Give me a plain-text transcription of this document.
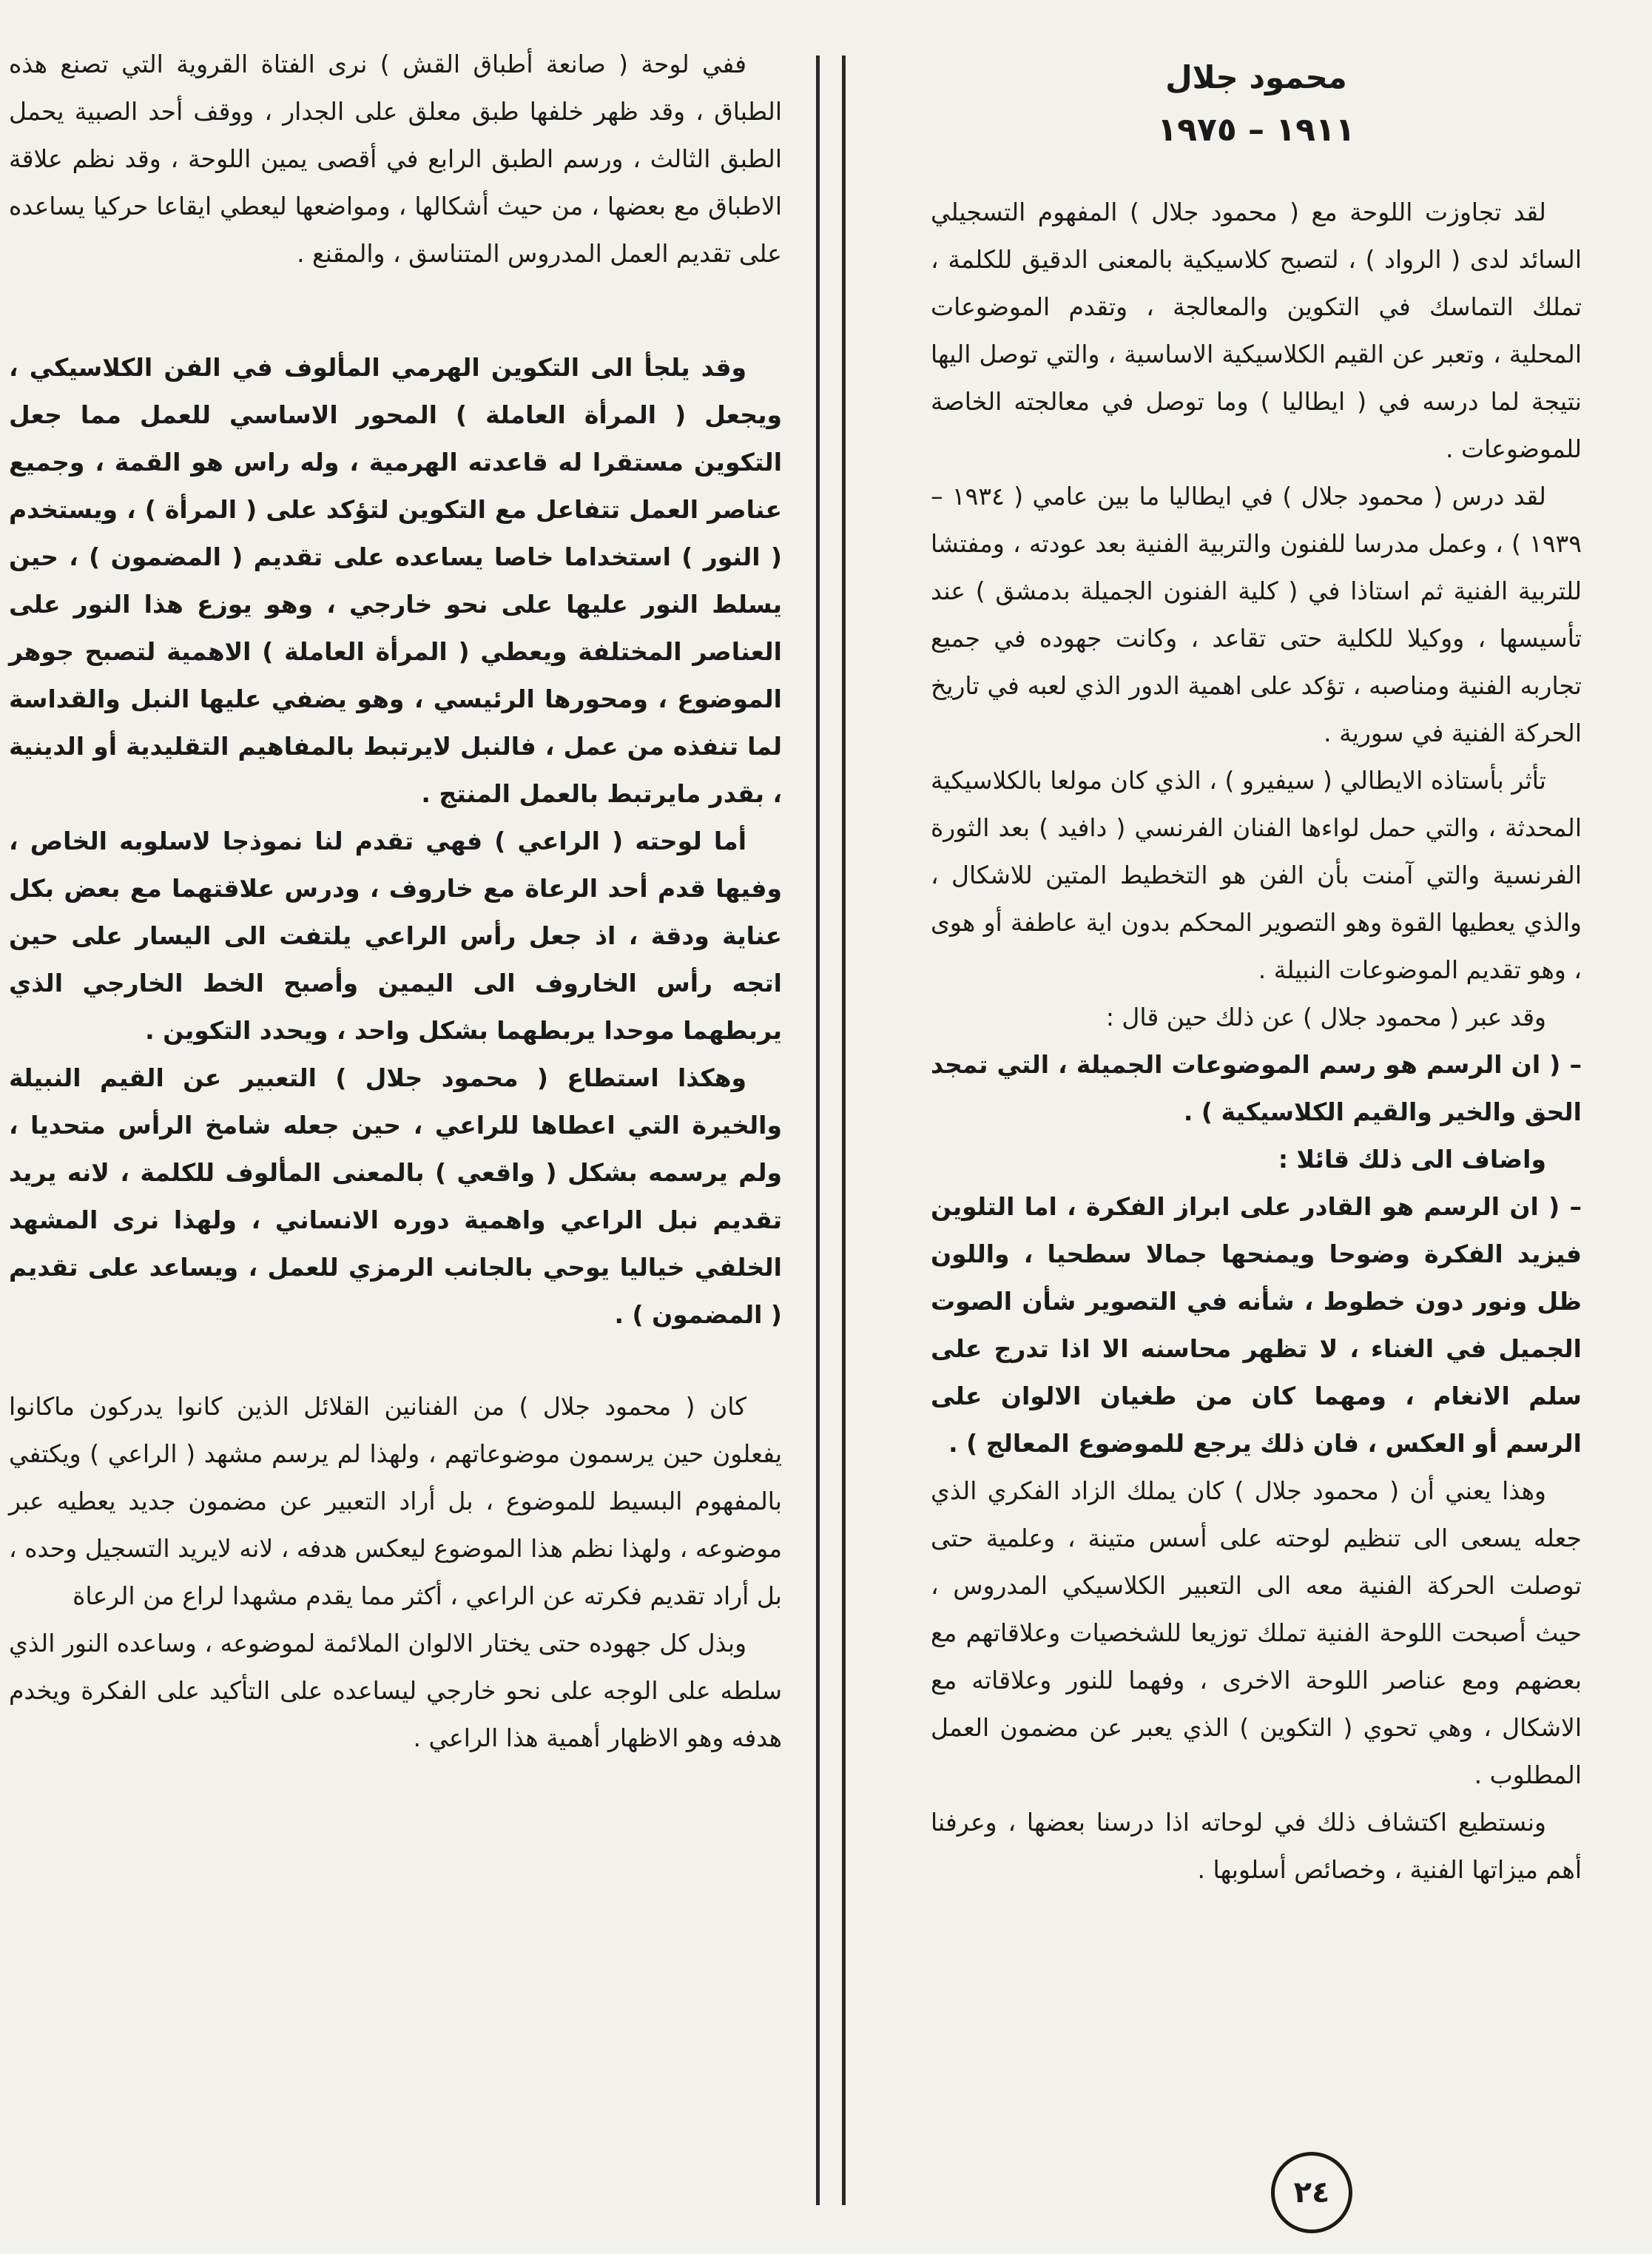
محمود جلال
١٩١١ – ١٩٧٥

لقد تجاوزت اللوحة مع ( محمود جلال ) المفهوم التسجيلي السائد لدى ( الرواد ) ، لتصبح كلاسيكية بالمعنى الدقيق للكلمة ، تملك التماسك في التكوين والمعالجة ، وتقدم الموضوعات المحلية ، وتعبر عن القيم الكلاسيكية الاساسية ، والتي توصل اليها نتيجة لما درسه في ( ايطاليا ) وما توصل في معالجته الخاصة للموضوعات .

لقد درس ( محمود جلال ) في ايطاليا ما بين عامي ( ١٩٣٤ – ١٩٣٩ ) ، وعمل مدرسا للفنون والتربية الفنية بعد عودته ، ومفتشا للتربية الفنية ثم استاذا في ( كلية الفنون الجميلة بدمشق ) عند تأسيسها ، ووكيلا للكلية حتى تقاعد ، وكانت جهوده في جميع تجاربه الفنية ومناصبه ، تؤكد على اهمية الدور الذي لعبه في تاريخ الحركة الفنية في سورية .

تأثر بأستاذه الايطالي ( سيفيرو ) ، الذي كان مولعا بالكلاسيكية المحدثة ، والتي حمل لواءها الفنان الفرنسي ( دافيد ) بعد الثورة الفرنسية والتي آمنت بأن الفن هو التخطيط المتين للاشكال ، والذي يعطيها القوة وهو التصوير المحكم بدون اية عاطفة أو هوى ، وهو تقديم الموضوعات النبيلة .

وقد عبر ( محمود جلال ) عن ذلك حين قال :

– ( ان الرسم هو رسم الموضوعات الجميلة ، التي تمجد الحق والخير والقيم الكلاسيكية ) .

واضاف الى ذلك قائلا :

– ( ان الرسم هو القادر على ابراز الفكرة ، اما التلوين فيزيد الفكرة وضوحا ويمنحها جمالا سطحيا ، واللون ظل ونور دون خطوط ، شأنه في التصوير شأن الصوت الجميل في الغناء ، لا تظهر محاسنه الا اذا تدرج على سلم الانغام ، ومهما كان من طغيان الالوان على الرسم أو العكس ، فان ذلك يرجع للموضوع المعالج ) .

وهذا يعني أن ( محمود جلال ) كان يملك الزاد الفكري الذي جعله يسعى الى تنظيم لوحته على أسس متينة ، وعلمية حتى توصلت الحركة الفنية معه الى التعبير الكلاسيكي المدروس ، حيث أصبحت اللوحة الفنية تملك توزيعا للشخصيات وعلاقاتهم مع بعضهم ومع عناصر اللوحة الاخرى ، وفهما للنور وعلاقاته مع الاشكال ، وهي تحوي ( التكوين ) الذي يعبر عن مضمون العمل المطلوب .

ونستطيع اكتشاف ذلك في لوحاته اذا درسنا بعضها ، وعرفنا أهم ميزاتها الفنية ، وخصائص أسلوبها .

ففي لوحة ( صانعة أطباق القش ) نرى الفتاة القروية التي تصنع هذه الطباق ، وقد ظهر خلفها طبق معلق على الجدار ، ووقف أحد الصبية يحمل الطبق الثالث ، ورسم الطبق الرابع في أقصى يمين اللوحة ، وقد نظم علاقة الاطباق مع بعضها ، من حيث أشكالها ، ومواضعها ليعطي ايقاعا حركيا يساعده على تقديم العمل المدروس المتناسق ، والمقنع .

وقد يلجأ الى التكوين الهرمي المألوف في الفن الكلاسيكي ، ويجعل ( المرأة العاملة ) المحور الاساسي للعمل مما جعل التكوين مستقرا له قاعدته الهرمية ، وله راس هو القمة ، وجميع عناصر العمل تتفاعل مع التكوين لتؤكد على ( المرأة ) ، ويستخدم ( النور ) استخداما خاصا يساعده على تقديم ( المضمون ) ، حين يسلط النور عليها على نحو خارجي ، وهو يوزع هذا النور على العناصر المختلفة ويعطي ( المرأة العاملة ) الاهمية لتصبح جوهر الموضوع ، ومحورها الرئيسي ، وهو يضفي عليها النبل والقداسة لما تنفذه من عمل ، فالنبل لايرتبط بالمفاهيم التقليدية أو الدينية ، بقدر مايرتبط بالعمل المنتج .

أما لوحته ( الراعي ) فهي تقدم لنا نموذجا لاسلوبه الخاص ، وفيها قدم أحد الرعاة مع خاروف ، ودرس علاقتهما مع بعض بكل عناية ودقة ، اذ جعل رأس الراعي يلتفت الى اليسار على حين اتجه رأس الخاروف الى اليمين وأصبح الخط الخارجي الذي يربطهما موحدا يربطهما بشكل واحد ، ويحدد التكوين .

وهكذا استطاع ( محمود جلال ) التعبير عن القيم النبيلة والخيرة التي اعطاها للراعي ، حين جعله شامخ الرأس متحديا ، ولم يرسمه بشكل ( واقعي ) بالمعنى المألوف للكلمة ، لانه يريد تقديم نبل الراعي واهمية دوره الانساني ، ولهذا نرى المشهد الخلفي خياليا يوحي بالجانب الرمزي للعمل ، ويساعد على تقديم ( المضمون ) .

كان ( محمود جلال ) من الفنانين القلائل الذين كانوا يدركون ماكانوا يفعلون حين يرسمون موضوعاتهم ، ولهذا لم يرسم مشهد ( الراعي ) ويكتفي بالمفهوم البسيط للموضوع ، بل أراد التعبير عن مضمون جديد يعطيه عبر موضوعه ، ولهذا نظم هذا الموضوع ليعكس هدفه ، لانه لايريد التسجيل وحده ، بل أراد تقديم فكرته عن الراعي ، أكثر مما يقدم مشهدا لراع من الرعاة

وبذل كل جهوده حتى يختار الالوان الملائمة لموضوعه ، وساعده النور الذي سلطه على الوجه على نحو خارجي ليساعده على التأكيد على الفكرة ويخدم هدفه وهو الاظهار أهمية هذا الراعي .

٢٤
